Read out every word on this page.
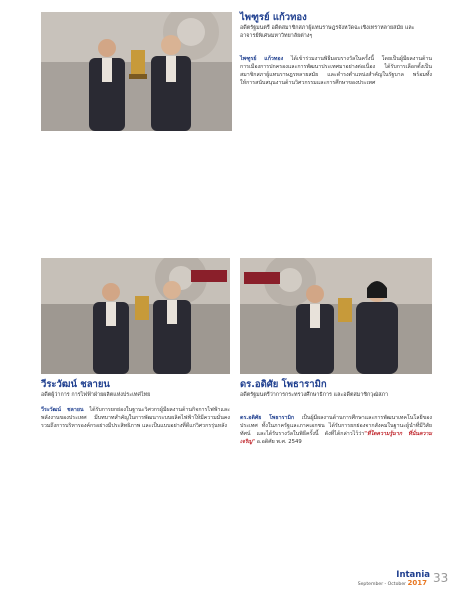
ไพฑูรย์ แก้วทอง

อดีตรัฐมนตรี อดีตสมาชิกสภาผู้แทนราษฎรจังหวัดฉะเชิงเทราหลายสมัย และอาจารย์พิเศษมหาวิทยาลัยต่างๆ

ไพฑูรย์ แก้วทอง ได้เข้าร่วมงานพิธีมอบรางวัลในครั้งนี้ โดยเป็นผู้มีผลงานด้านการเมืองการปกครองและการพัฒนาประเทศมาอย่างต่อเนื่อง ได้รับการเลือกตั้งเป็นสมาชิกสภาผู้แทนราษฎรหลายสมัย และดำรงตำแหน่งสำคัญในรัฐบาล พร้อมทั้งให้การสนับสนุนงานด้านวิศวกรรมและการศึกษาของประเทศ

วีระวัฒน์ ชลายน

อดีตผู้ว่าการ การไฟฟ้าฝ่ายผลิตแห่งประเทศไทย

วีระวัฒน์ ชลายน ได้รับการยกย่องในฐานะวิศวกรผู้มีผลงานด้านกิจการไฟฟ้าและพลังงานของประเทศ มีบทบาทสำคัญในการพัฒนาระบบผลิตไฟฟ้าให้มีความมั่นคง รวมถึงการบริหารองค์กรอย่างมีประสิทธิภาพ และเป็นแบบอย่างที่ดีแก่วิศวกรรุ่นหลัง

ดร.อดิศัย โพธารามิก

อดีตรัฐมนตรีว่าการกระทรวงศึกษาธิการ และอดีตสมาชิกวุฒิสภา

ดร.อดิศัย โพธารามิก เป็นผู้มีผลงานด้านการศึกษาและการพัฒนาเทคโนโลยีของประเทศ ทั้งในภาครัฐและภาคเอกชน ได้รับการยกย่องจากสังคมในฐานะผู้นำที่มีวิสัยทัศน์ และได้รับรางวัลในพิธีครั้งนี้ ดังที่ได้กล่าวไว้ว่า"ที่ใดความรู้มาก ที่นั่นความเจริญ" อ.อดิศัย พ.ศ. 2549

Intania
September - October 2017 33
